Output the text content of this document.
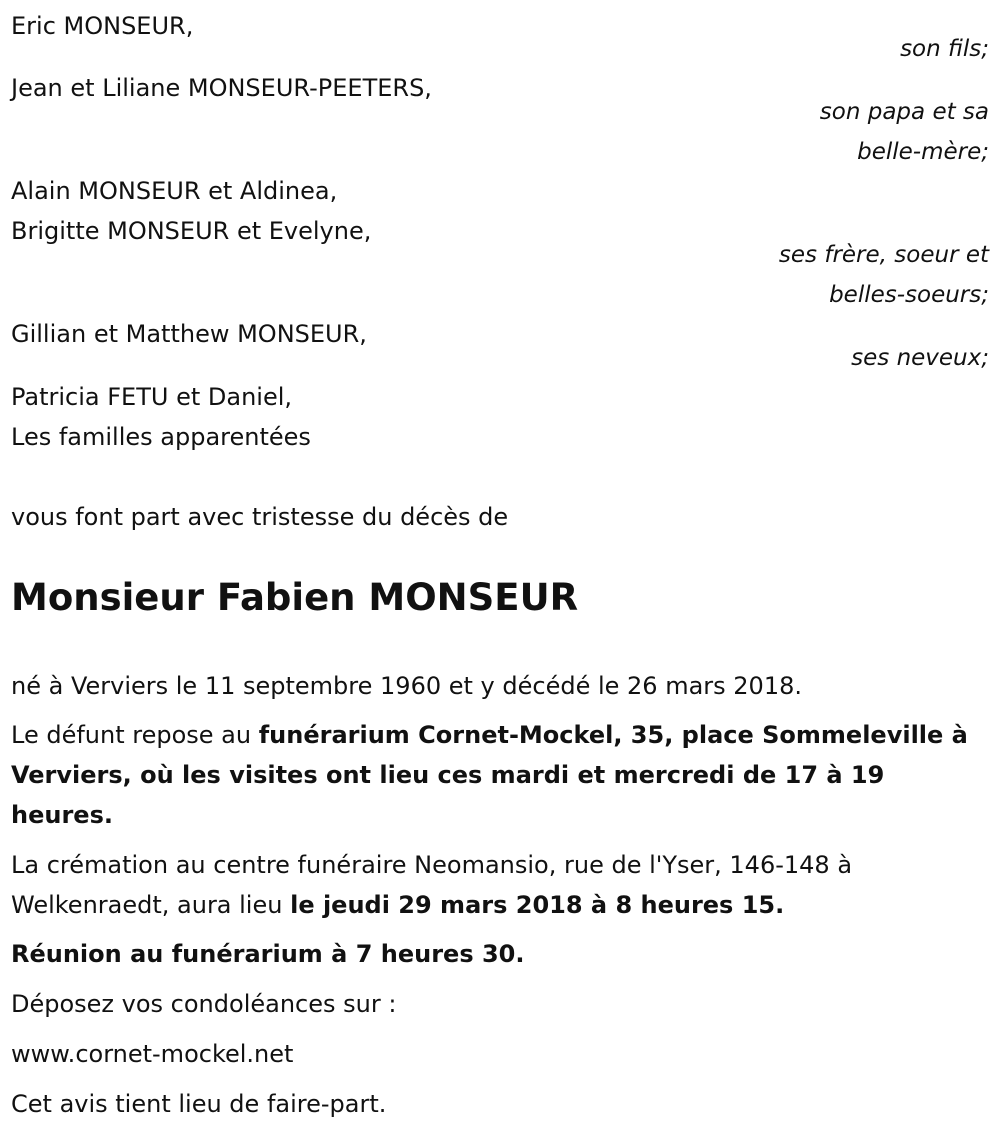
Eric MONSEUR,
Jean et Liliane MONSEUR-PEETERS,
Alain MONSEUR et Aldinea,
Brigitte MONSEUR et Evelyne,
Gillian et Matthew MONSEUR,
Patricia FETU et Daniel,
Les familles apparentées
son fils;
son papa et sa
belle-mère;
ses frère, soeur et
belles-soeurs;
ses neveux;
vous font part avec tristesse du décès de
Monsieur Fabien MONSEUR
né à Verviers le 11 septembre 1960 et y décédé le 26 mars 2018.
Le défunt repose au funérarium Cornet-Mockel, 35, place Sommeleville à Verviers, où les visites ont lieu ces mardi et mercredi de 17 à 19 heures.
La crémation au centre funéraire Neomansio, rue de l'Yser, 146-148 à Welkenraedt, aura lieu le jeudi 29 mars 2018 à 8 heures 15.
Réunion au funérarium à 7 heures 30.
Déposez vos condoléances sur :
www.cornet-mockel.net
Cet avis tient lieu de faire-part.
